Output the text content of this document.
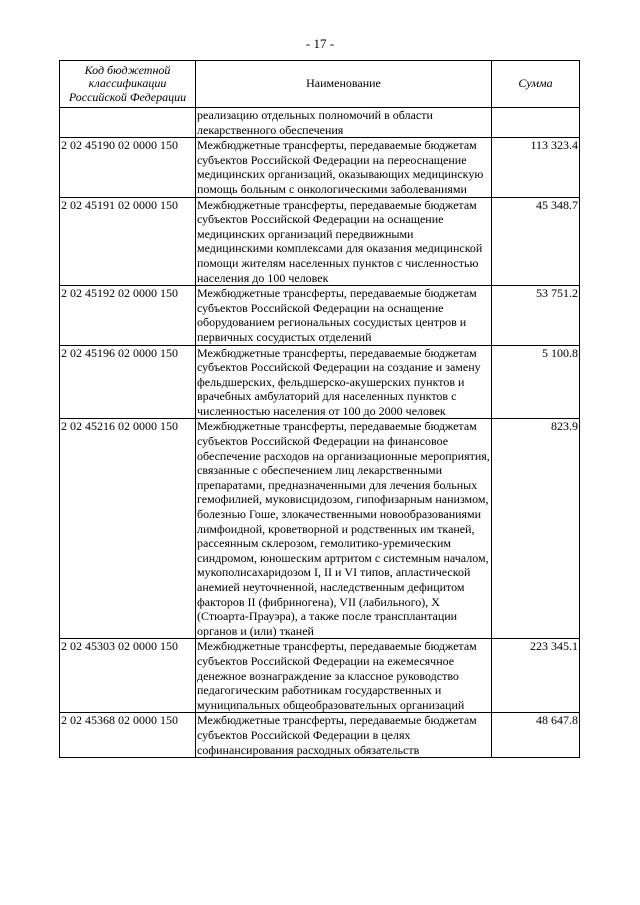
- 17 -
Код бюджетной классификации Российской Федерации	Наименование	Сумма
	реализацию отдельных полномочий в области лекарственного обеспечения	
2 02 45190 02 0000 150	Межбюджетные трансферты, передаваемые бюджетам субъектов Российской Федерации на переоснащение медицинских организаций, оказывающих медицинскую помощь больным с онкологическими заболеваниями	113 323.4
2 02 45191 02 0000 150	Межбюджетные трансферты, передаваемые бюджетам субъектов Российской Федерации на оснащение медицинских организаций передвижными медицинскими комплексами для оказания медицинской помощи жителям населенных пунктов с численностью населения до 100 человек	45 348.7
2 02 45192 02 0000 150	Межбюджетные трансферты, передаваемые бюджетам субъектов Российской Федерации на оснащение оборудованием региональных сосудистых центров и первичных сосудистых отделений	53 751.2
2 02 45196 02 0000 150	Межбюджетные трансферты, передаваемые бюджетам субъектов Российской Федерации на создание и замену фельдшерских, фельдшерско-акушерских пунктов и врачебных амбулаторий для населенных пунктов с численностью населения от 100 до 2000 человек	5 100.8
2 02 45216 02 0000 150	Межбюджетные трансферты, передаваемые бюджетам субъектов Российской Федерации на финансовое обеспечение расходов на организационные мероприятия, связанные с обеспечением лиц лекарственными препаратами, предназначенными для лечения больных гемофилией, муковисцидозом, гипофизарным нанизмом, болезнью Гоше, злокачественными новообразованиями лимфоидной, кроветворной и родственных им тканей, рассеянным склерозом, гемолитико-уремическим синдромом, юношеским артритом с системным началом, мукополисахаридозом I, II и VI типов, апластической анемией неуточненной, наследственным дефицитом факторов II (фибриногена), VII (лабильного), X (Стюарта-Прауэра), а также после трансплантации органов и (или) тканей	823.9
2 02 45303 02 0000 150	Межбюджетные трансферты, передаваемые бюджетам субъектов Российской Федерации на ежемесячное денежное вознаграждение за классное руководство педагогическим работникам государственных и муниципальных общеобразовательных организаций	223 345.1
2 02 45368 02 0000 150	Межбюджетные трансферты, передаваемые бюджетам субъектов Российской Федерации в целях софинансирования расходных обязательств	48 647.8
